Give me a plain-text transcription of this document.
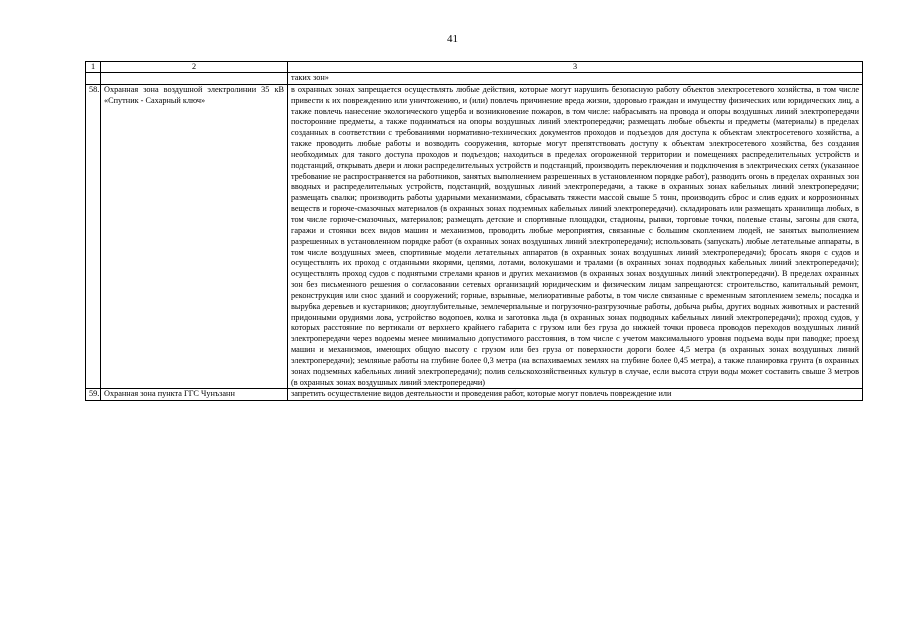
41
1	2	3
		таких зон»
58.	Охранная зона воздушной электролинии 35 кВ «Спутник - Сахарный ключ»	в охранных зонах запрещается осуществлять любые действия, которые могут нарушить безопасную работу объектов электросетевого хозяйства, в том числе привести к их повреждению или уничтожению, и (или) повлечь причинение вреда жизни, здоровью граждан и имуществу физических или юридических лиц, а также повлечь нанесение экологического ущерба и возникновение пожаров, в том числе: набрасывать на провода и опоры воздушных линий электропередачи посторонние предметы, а также подниматься на опоры воздушных линий электропередачи; размещать любые объекты и предметы (материалы) в пределах созданных в соответствии с требованиями нормативно-технических документов проходов и подъездов для доступа к объектам электросетевого хозяйства, а также проводить любые работы и возводить сооружения, которые могут препятствовать доступу к объектам электросетевого хозяйства, без создания необходимых для такого доступа проходов и подъездов; находиться в пределах огороженной территории и помещениях распределительных устройств и подстанций, открывать двери и люки распределительных устройств и подстанций, производить переключения и подключения в электрических сетях (указанное требование не распространяется на работников, занятых выполнением разрешенных в установленном порядке работ), разводить огонь в пределах охранных зон вводных и распределительных устройств, подстанций, воздушных линий электропередачи, а также в охранных зонах кабельных линий электропередачи; размещать свалки; производить работы ударными механизмами, сбрасывать тяжести массой свыше 5 тонн, производить сброс и слив едких и коррозионных веществ и горюче-смазочных материалов (в охранных зонах подземных кабельных линий электропередачи). складировать или размещать хранилища любых, в том числе горюче-смазочных, материалов; размещать детские и спортивные площадки, стадионы, рынки, торговые точки, полевые станы, загоны для скота, гаражи и стоянки всех видов машин и механизмов, проводить любые мероприятия, связанные с большим скоплением людей, не занятых выполнением разрешенных в установленном порядке работ (в охранных зонах воздушных линий электропередачи); использовать (запускать) любые летательные аппараты, в том числе воздушных змеев, спортивные модели летательных аппаратов (в охранных зонах воздушных линий электропередачи); бросать якоря с судов и осуществлять их проход с отданными якорями, цепями, лотами, волокушами и тралами (в охранных зонах подводных кабельных линий электропередачи); осуществлять проход судов с поднятыми стрелами кранов и других механизмов (в охранных зонах воздушных линий электропередачи). В пределах охранных зон без письменного решения о согласовании сетевых организаций юридическим и физическим лицам запрещаются: строительство, капитальный ремонт, реконструкция или снос зданий и сооружений; горные, взрывные, мелиоративные работы, в том числе связанные с временным затоплением земель; посадка и вырубка деревьев и кустарников; дноуглубительные, землечерпальные и погрузочно-разгрузочные работы, добыча рыбы, других водных животных и растений придонными орудиями лова, устройство водопоев, колка и заготовка льда (в охранных зонах подводных кабельных линий электропередачи); проход судов, у которых расстояние по вертикали от верхнего крайнего габарита с грузом или без груза до нижней точки провеса проводов переходов воздушных линий электропередачи через водоемы менее минимально допустимого расстояния, в том числе с учетом максимального уровня подъема воды при паводке; проезд машин и механизмов, имеющих общую высоту с грузом или без груза от поверхности дороги более 4,5 метра (в охранных зонах воздушных линий электропередачи); земляные работы на глубине более 0,3 метра (на вспахиваемых землях на глубине более 0,45 метра), а также планировка грунта (в охранных зонах подземных кабельных линий электропередачи); полив сельскохозяйственных культур в случае, если высота струи воды может составить свыше 3 метров (в охранных зонах воздушных линий электропередачи)
59.	Охранная зона пункта ГГС Чунъзанн	запретить осуществление видов деятельности и проведения работ, которые могут повлечь повреждение или
